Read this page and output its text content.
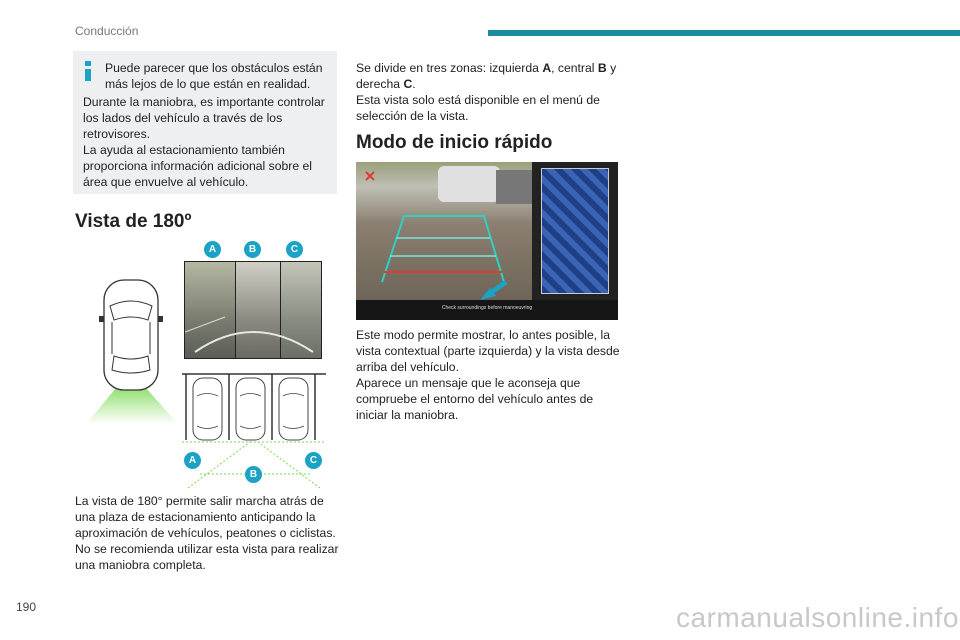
Conducción
Puede parecer que los obstáculos están más lejos de lo que están en realidad.
Durante la maniobra, es importante controlar los lados del vehículo a través de los retrovisores.
La ayuda al estacionamiento también proporciona información adicional sobre el área que envuelve al vehículo.
Vista de 180º
A	B	C
A
B
C
La vista de 180° permite salir marcha atrás de una plaza de estacionamiento anticipando la aproximación de vehículos, peatones o ciclistas. No se recomienda utilizar esta vista para realizar una maniobra completa.
Se divide en tres zonas: izquierda A, central B y derecha C.
Esta vista solo está disponible en el menú de selección de la vista.
Modo de inicio rápido
Check surroundings before manoeuvring
Este modo permite mostrar, lo antes posible, la vista contextual (parte izquierda) y la vista desde arriba del vehículo.
Aparece un mensaje que le aconseja que compruebe el entorno del vehículo antes de iniciar la maniobra.
190	carmanualsonline.info
